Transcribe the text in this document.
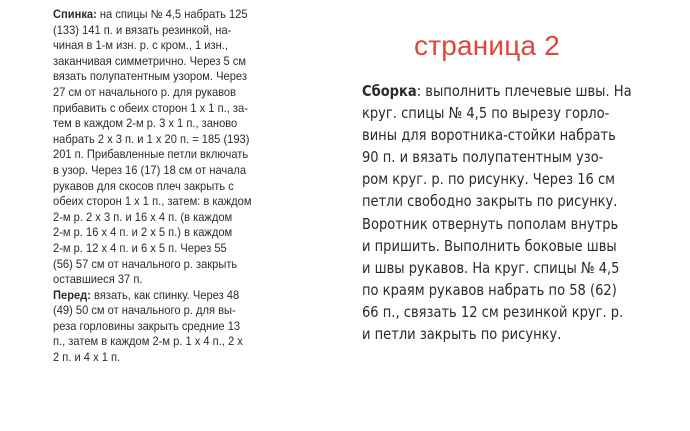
страница 2
Спинка: на спицы № 4,5 набрать 125
(133) 141 п. и вязать резинкой, на-
чиная в 1-м изн. р. с кром., 1 изн.,
заканчивая симметрично. Через 5 см
вязать полупатентным узором. Через
27 см от начального р. для рукавов
прибавить с обеих сторон 1 х 1 п., за-
тем в каждом 2-м р. 3 х 1 п., заново
набрать 2 х 3 п. и 1 х 20 п. = 185 (193)
201 п. Прибавленные петли включать
в узор. Через 16 (17) 18 см от начала
рукавов для скосов плеч закрыть с
обеих сторон 1 х 1 п., затем: в каждом
2-м р. 2 х 3 п. и 16 х 4 п. (в каждом
2-м р. 16 х 4 п. и 2 х 5 п.) в каждом
2-м р. 12 х 4 п. и 6 х 5 п. Через 55
(56) 57 см от начального р. закрыть
оставшиеся 37 п.
Перед: вязать, как спинку. Через 48
(49) 50 см от начального р. для вы-
реза горловины закрыть средние 13
п., затем в каждом 2-м р. 1 х 4 п., 2 х
2 п. и 4 х 1 п.
Сборка: выполнить плечевые швы. На
круг. спицы № 4,5 по вырезу горло-
вины для воротника-стойки набрать
90 п. и вязать полупатентным узо-
ром круг. р. по рисунку. Через 16 см
петли свободно закрыть по рисунку.
Воротник отвернуть пополам внутрь
и пришить. Выполнить боковые швы
и швы рукавов. На круг. спицы № 4,5
по краям рукавов набрать по 58 (62)
66 п., связать 12 см резинкой круг. р.
и петли закрыть по рисунку.
